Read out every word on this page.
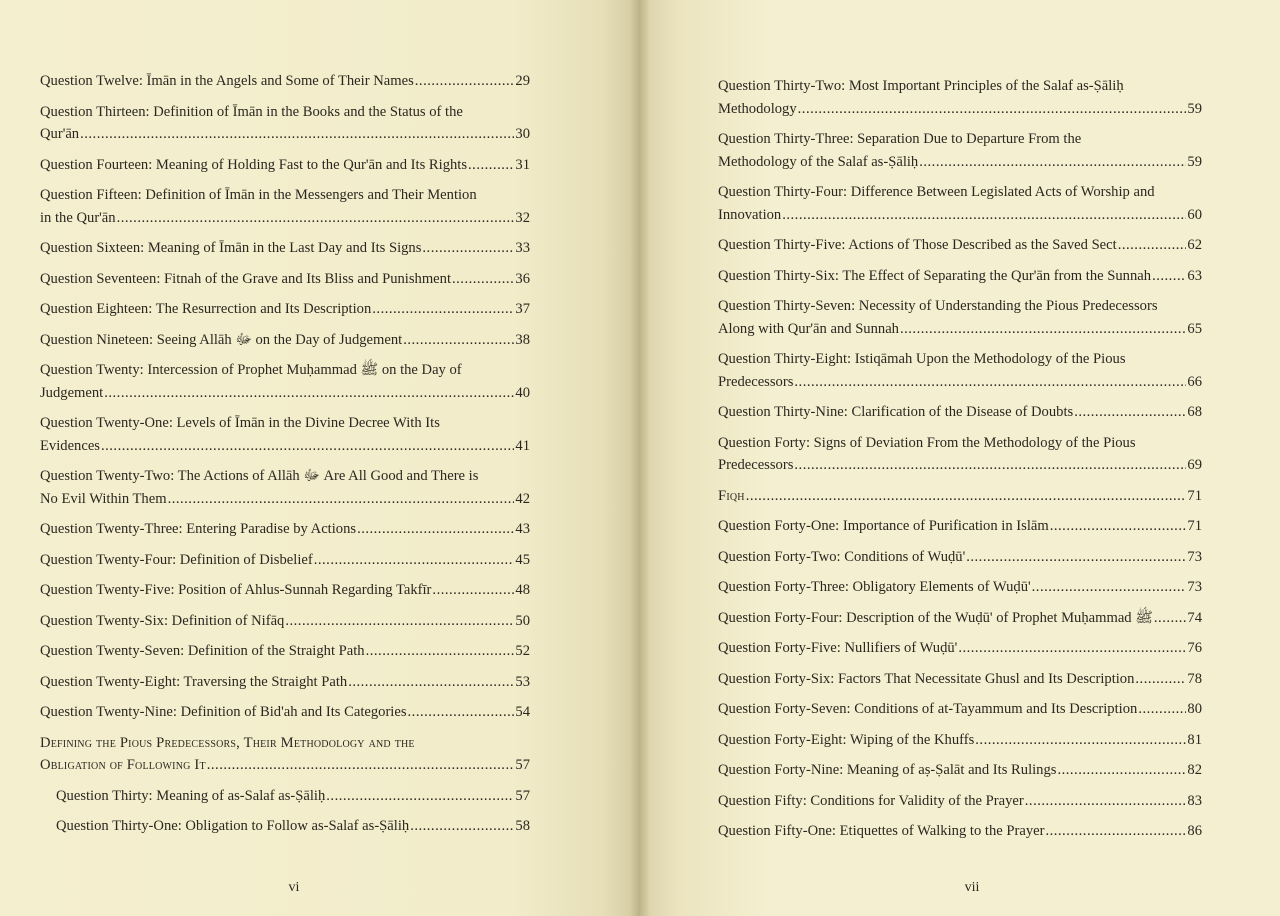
Question Twelve: Īmān in the Angels and Some of Their Names .....	29
Question Thirteen: Definition of Īmān in the Books and the Status of the
Qur'ān .....	30
Question Fourteen: Meaning of Holding Fast to the Qur'ān and Its Rights .....	31
Question Fifteen: Definition of Īmān in the Messengers and Their Mention
in the Qur'ān .....	32
Question Sixteen: Meaning of Īmān in the Last Day and Its Signs .....	33
Question Seventeen: Fitnah of the Grave and Its Bliss and Punishment .....	36
Question Eighteen: The Resurrection and Its Description .....	37
Question Nineteen: Seeing Allāh ﷻ on the Day of Judgement .....	38
Question Twenty: Intercession of Prophet Muḥammad ﷺ on the Day of
Judgement .....	40
Question Twenty-One: Levels of Īmān in the Divine Decree With Its
Evidences .....	41
Question Twenty-Two: The Actions of Allāh ﷻ Are All Good and There is
No Evil Within Them .....	42
Question Twenty-Three: Entering Paradise by Actions .....	43
Question Twenty-Four: Definition of Disbelief .....	45
Question Twenty-Five: Position of Ahlus-Sunnah Regarding Takfīr .....	48
Question Twenty-Six: Definition of Nifāq .....	50
Question Twenty-Seven: Definition of the Straight Path .....	52
Question Twenty-Eight: Traversing the Straight Path .....	53
Question Twenty-Nine: Definition of Bid'ah and Its Categories .....	54
Defining the Pious Predecessors, Their Methodology and the
Obligation of Following It .....	57
Question Thirty: Meaning of as-Salaf as-Ṣāliḥ .....	57
Question Thirty-One: Obligation to Follow as-Salaf as-Ṣāliḥ .....	58
vi
Question Thirty-Two: Most Important Principles of the Salaf as-Ṣāliḥ
Methodology .....	59
Question Thirty-Three: Separation Due to Departure From the
Methodology of the Salaf as-Ṣāliḥ .....	59
Question Thirty-Four: Difference Between Legislated Acts of Worship and
Innovation .....	60
Question Thirty-Five: Actions of Those Described as the Saved Sect .....	62
Question Thirty-Six: The Effect of Separating the Qur'ān from the Sunnah ..... 63
Question Thirty-Seven: Necessity of Understanding the Pious Predecessors
Along with Qur'ān and Sunnah .....	65
Question Thirty-Eight: Istiqāmah Upon the Methodology of the Pious
Predecessors .....	66
Question Thirty-Nine: Clarification of the Disease of Doubts .....	68
Question Forty: Signs of Deviation From the Methodology of the Pious
Predecessors .....	69
Fiqh .....	71
Question Forty-One: Importance of Purification in Islām .....	71
Question Forty-Two: Conditions of Wuḍū' .....	73
Question Forty-Three: Obligatory Elements of Wuḍū' .....	73
Question Forty-Four: Description of the Wuḍū' of Prophet Muḥammad ﷺ ..... 74
Question Forty-Five: Nullifiers of Wuḍū' .....	76
Question Forty-Six: Factors That Necessitate Ghusl and Its Description .....	78
Question Forty-Seven: Conditions of at-Tayammum and Its Description .....	80
Question Forty-Eight: Wiping of the Khuffs .....	81
Question Forty-Nine: Meaning of aṣ-Ṣalāt and Its Rulings .....	82
Question Fifty: Conditions for Validity of the Prayer .....	83
Question Fifty-One: Etiquettes of Walking to the Prayer .....	86
vii
